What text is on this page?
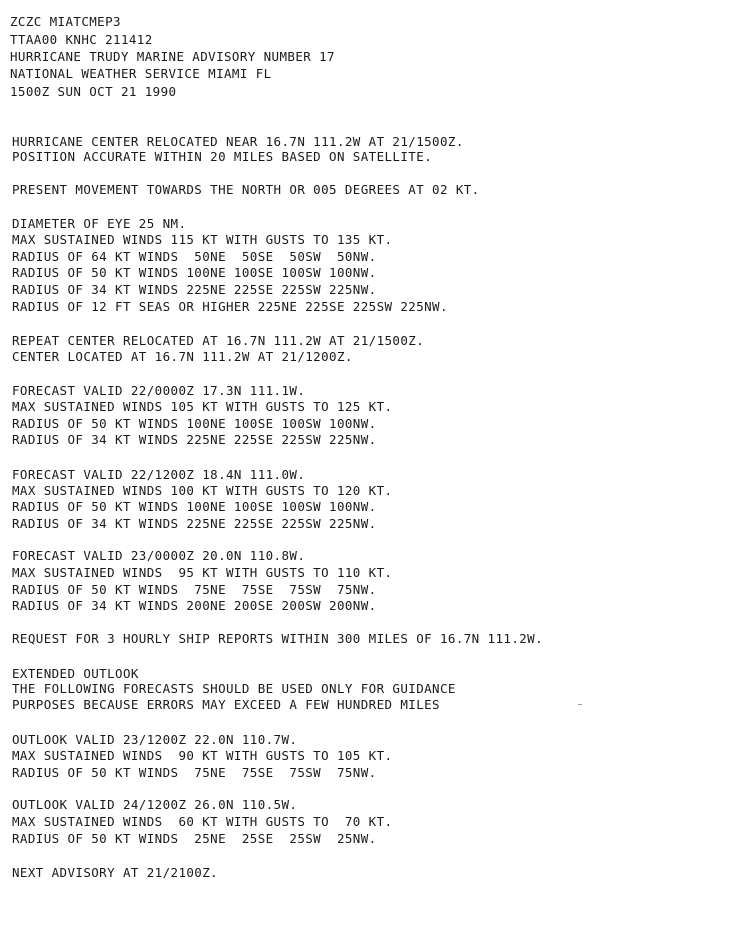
ZCZC MIATCMEP3
TTAA00 KNHC 211412
HURRICANE TRUDY MARINE ADVISORY NUMBER 17
NATIONAL WEATHER SERVICE MIAMI FL
1500Z SUN OCT 21 1990
HURRICANE CENTER RELOCATED NEAR 16.7N 111.2W AT 21/1500Z.
POSITION ACCURATE WITHIN 20 MILES BASED ON SATELLITE.
PRESENT MOVEMENT TOWARDS THE NORTH OR 005 DEGREES AT 02 KT.
DIAMETER OF EYE 25 NM.
MAX SUSTAINED WINDS 115 KT WITH GUSTS TO 135 KT.
RADIUS OF 64 KT WINDS  50NE  50SE  50SW  50NW.
RADIUS OF 50 KT WINDS 100NE 100SE 100SW 100NW.
RADIUS OF 34 KT WINDS 225NE 225SE 225SW 225NW.
RADIUS OF 12 FT SEAS OR HIGHER 225NE 225SE 225SW 225NW.
REPEAT CENTER RELOCATED AT 16.7N 111.2W AT 21/1500Z.
CENTER LOCATED AT 16.7N 111.2W AT 21/1200Z.
FORECAST VALID 22/0000Z 17.3N 111.1W.
MAX SUSTAINED WINDS 105 KT WITH GUSTS TO 125 KT.
RADIUS OF 50 KT WINDS 100NE 100SE 100SW 100NW.
RADIUS OF 34 KT WINDS 225NE 225SE 225SW 225NW.
FORECAST VALID 22/1200Z 18.4N 111.0W.
MAX SUSTAINED WINDS 100 KT WITH GUSTS TO 120 KT.
RADIUS OF 50 KT WINDS 100NE 100SE 100SW 100NW.
RADIUS OF 34 KT WINDS 225NE 225SE 225SW 225NW.
FORECAST VALID 23/0000Z 20.0N 110.8W.
MAX SUSTAINED WINDS  95 KT WITH GUSTS TO 110 KT.
RADIUS OF 50 KT WINDS  75NE  75SE  75SW  75NW.
RADIUS OF 34 KT WINDS 200NE 200SE 200SW 200NW.
REQUEST FOR 3 HOURLY SHIP REPORTS WITHIN 300 MILES OF 16.7N 111.2W.
EXTENDED OUTLOOK
THE FOLLOWING FORECASTS SHOULD BE USED ONLY FOR GUIDANCE
PURPOSES BECAUSE ERRORS MAY EXCEED A FEW HUNDRED MILES
OUTLOOK VALID 23/1200Z 22.0N 110.7W.
MAX SUSTAINED WINDS  90 KT WITH GUSTS TO 105 KT.
RADIUS OF 50 KT WINDS  75NE  75SE  75SW  75NW.
OUTLOOK VALID 24/1200Z 26.0N 110.5W.
MAX SUSTAINED WINDS  60 KT WITH GUSTS TO  70 KT.
RADIUS OF 50 KT WINDS  25NE  25SE  25SW  25NW.
NEXT ADVISORY AT 21/2100Z.
